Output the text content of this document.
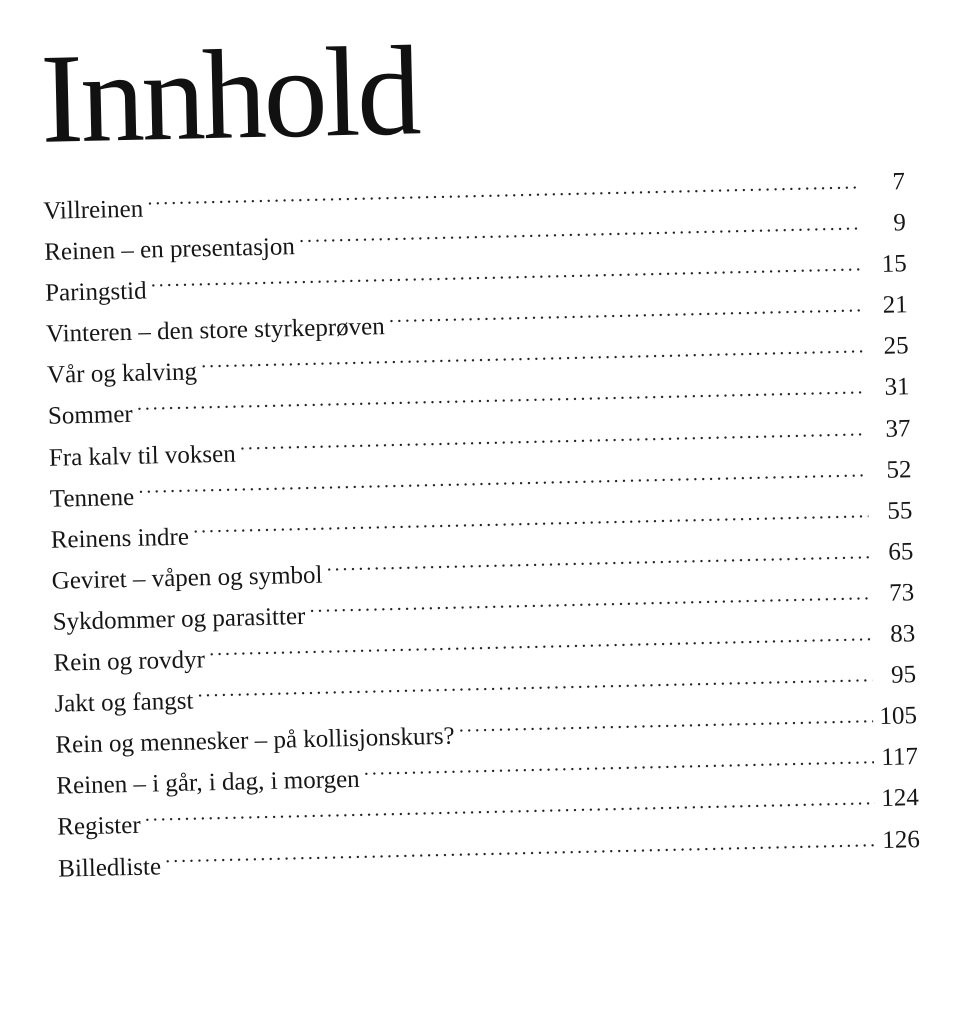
Innhold
Villreinen
.....
7
Reinen – en presentasjon
.....
9
Paringstid
.....
15
Vinteren – den store styrkeprøven
.....
21
Vår og kalving
.....
25
Sommer
.....
31
Fra kalv til voksen
.....
37
Tennene
.....
52
Reinens indre
.....
55
Geviret – våpen og symbol
.....
65
Sykdommer og parasitter
.....
73
Rein og rovdyr
.....
83
Jakt og fangst
.....
95
Rein og mennesker – på kollisjonskurs?
.....
105
Reinen – i går, i dag, i morgen
.....
117
Register
.....
124
Billedliste
.....
126
